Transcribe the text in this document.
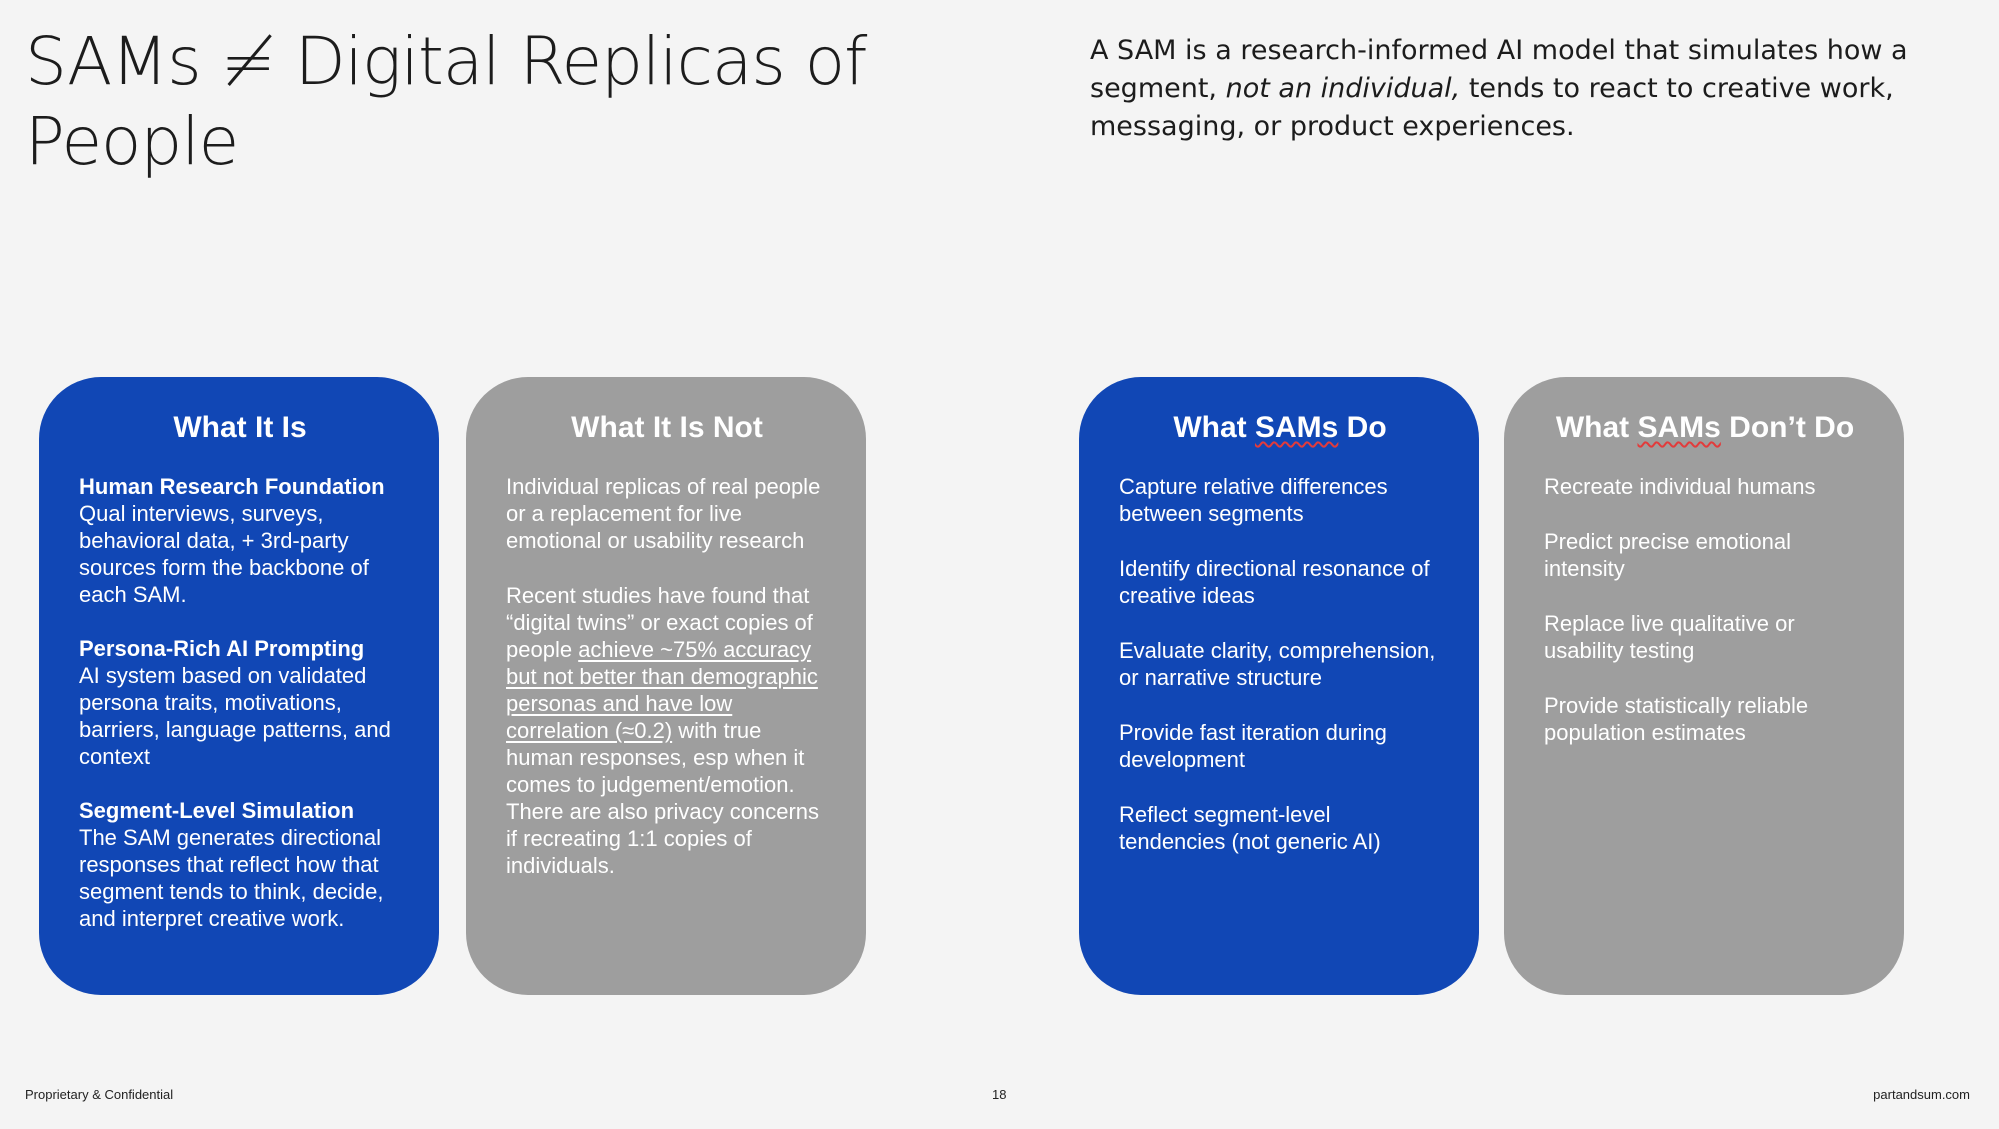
SAMs ≠ Digital Replicas of People

A SAM is a research-informed AI model that simulates how a segment, not an individual, tends to react to creative work, messaging, or product experiences.

What It Is
Human Research Foundation
Qual interviews, surveys, behavioral data, + 3rd-party sources form the backbone of each SAM.
Persona-Rich AI Prompting
AI system based on validated persona traits, motivations, barriers, language patterns, and context
Segment-Level Simulation
The SAM generates directional responses that reflect how that segment tends to think, decide, and interpret creative work.
What It Is Not

Individual replicas of real people or a replacement for live emotional or usability research

Recent studies have found that “digital twins” or exact copies of people achieve ~75% accuracy but not better than demographic personas and have low correlation (≈0.2) with true human responses, esp when it comes to judgement/emotion. There are also privacy concerns if recreating 1:1 copies of individuals.

What SAMs Do
Capture relative differences between segments
Identify directional resonance of creative ideas
Evaluate clarity, comprehension, or narrative structure
Provide fast iteration during development
Reflect segment-level tendencies (not generic AI)
What SAMs Don’t Do
Recreate individual humans
Predict precise emotional intensity
Replace live qualitative or usability testing
Provide statistically reliable population estimates
Proprietary & Confidential	18	partandsum.com
